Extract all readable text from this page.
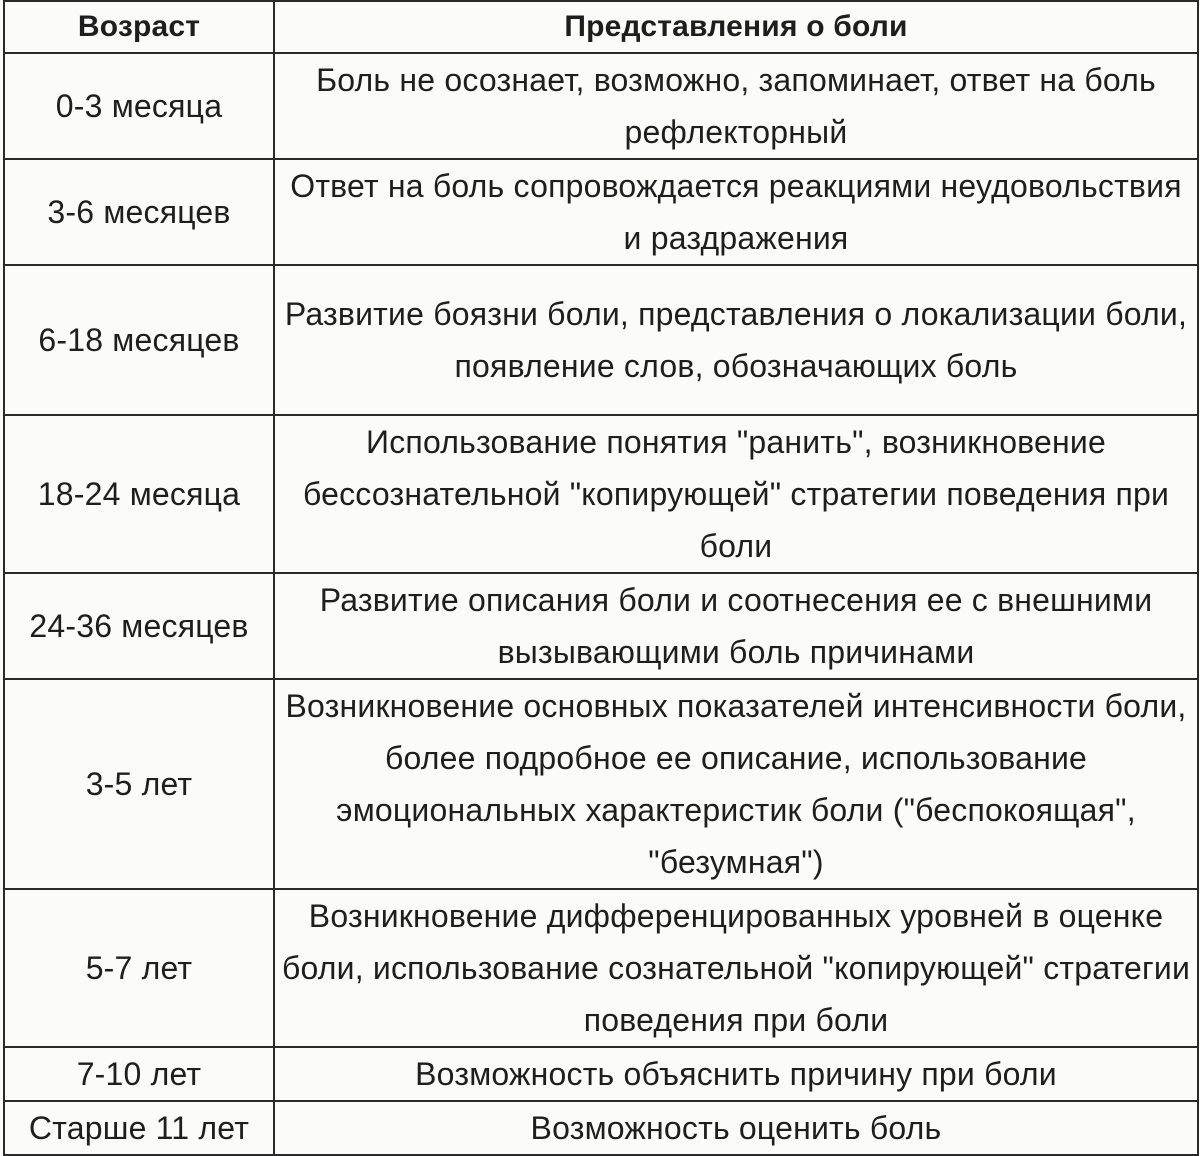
Возраст	Представления о боли
0-3 месяца	Боль не осознает, возможно, запоминает, ответ на боль рефлекторный
3-6 месяцев	Ответ на боль сопровождается реакциями неудовольствия и раздражения
6-18 месяцев	Развитие боязни боли, представления о локализации боли, появление слов, обозначающих боль
18-24 месяца	Использование понятия "ранить", возникновение бессознательной "копирующей" стратегии поведения при боли
24-36 месяцев	Развитие описания боли и соотнесения ее с внешними вызывающими боль причинами
3-5 лет	Возникновение основных показателей интенсивности боли, более подробное ее описание, использование эмоциональных характеристик боли ("беспокоящая", "безумная")
5-7 лет	Возникновение дифференцированных уровней в оценке боли, использование сознательной "копирующей" стратегии поведения при боли
7-10 лет	Возможность объяснить причину при боли
Старше 11 лет	Возможность оценить боль
